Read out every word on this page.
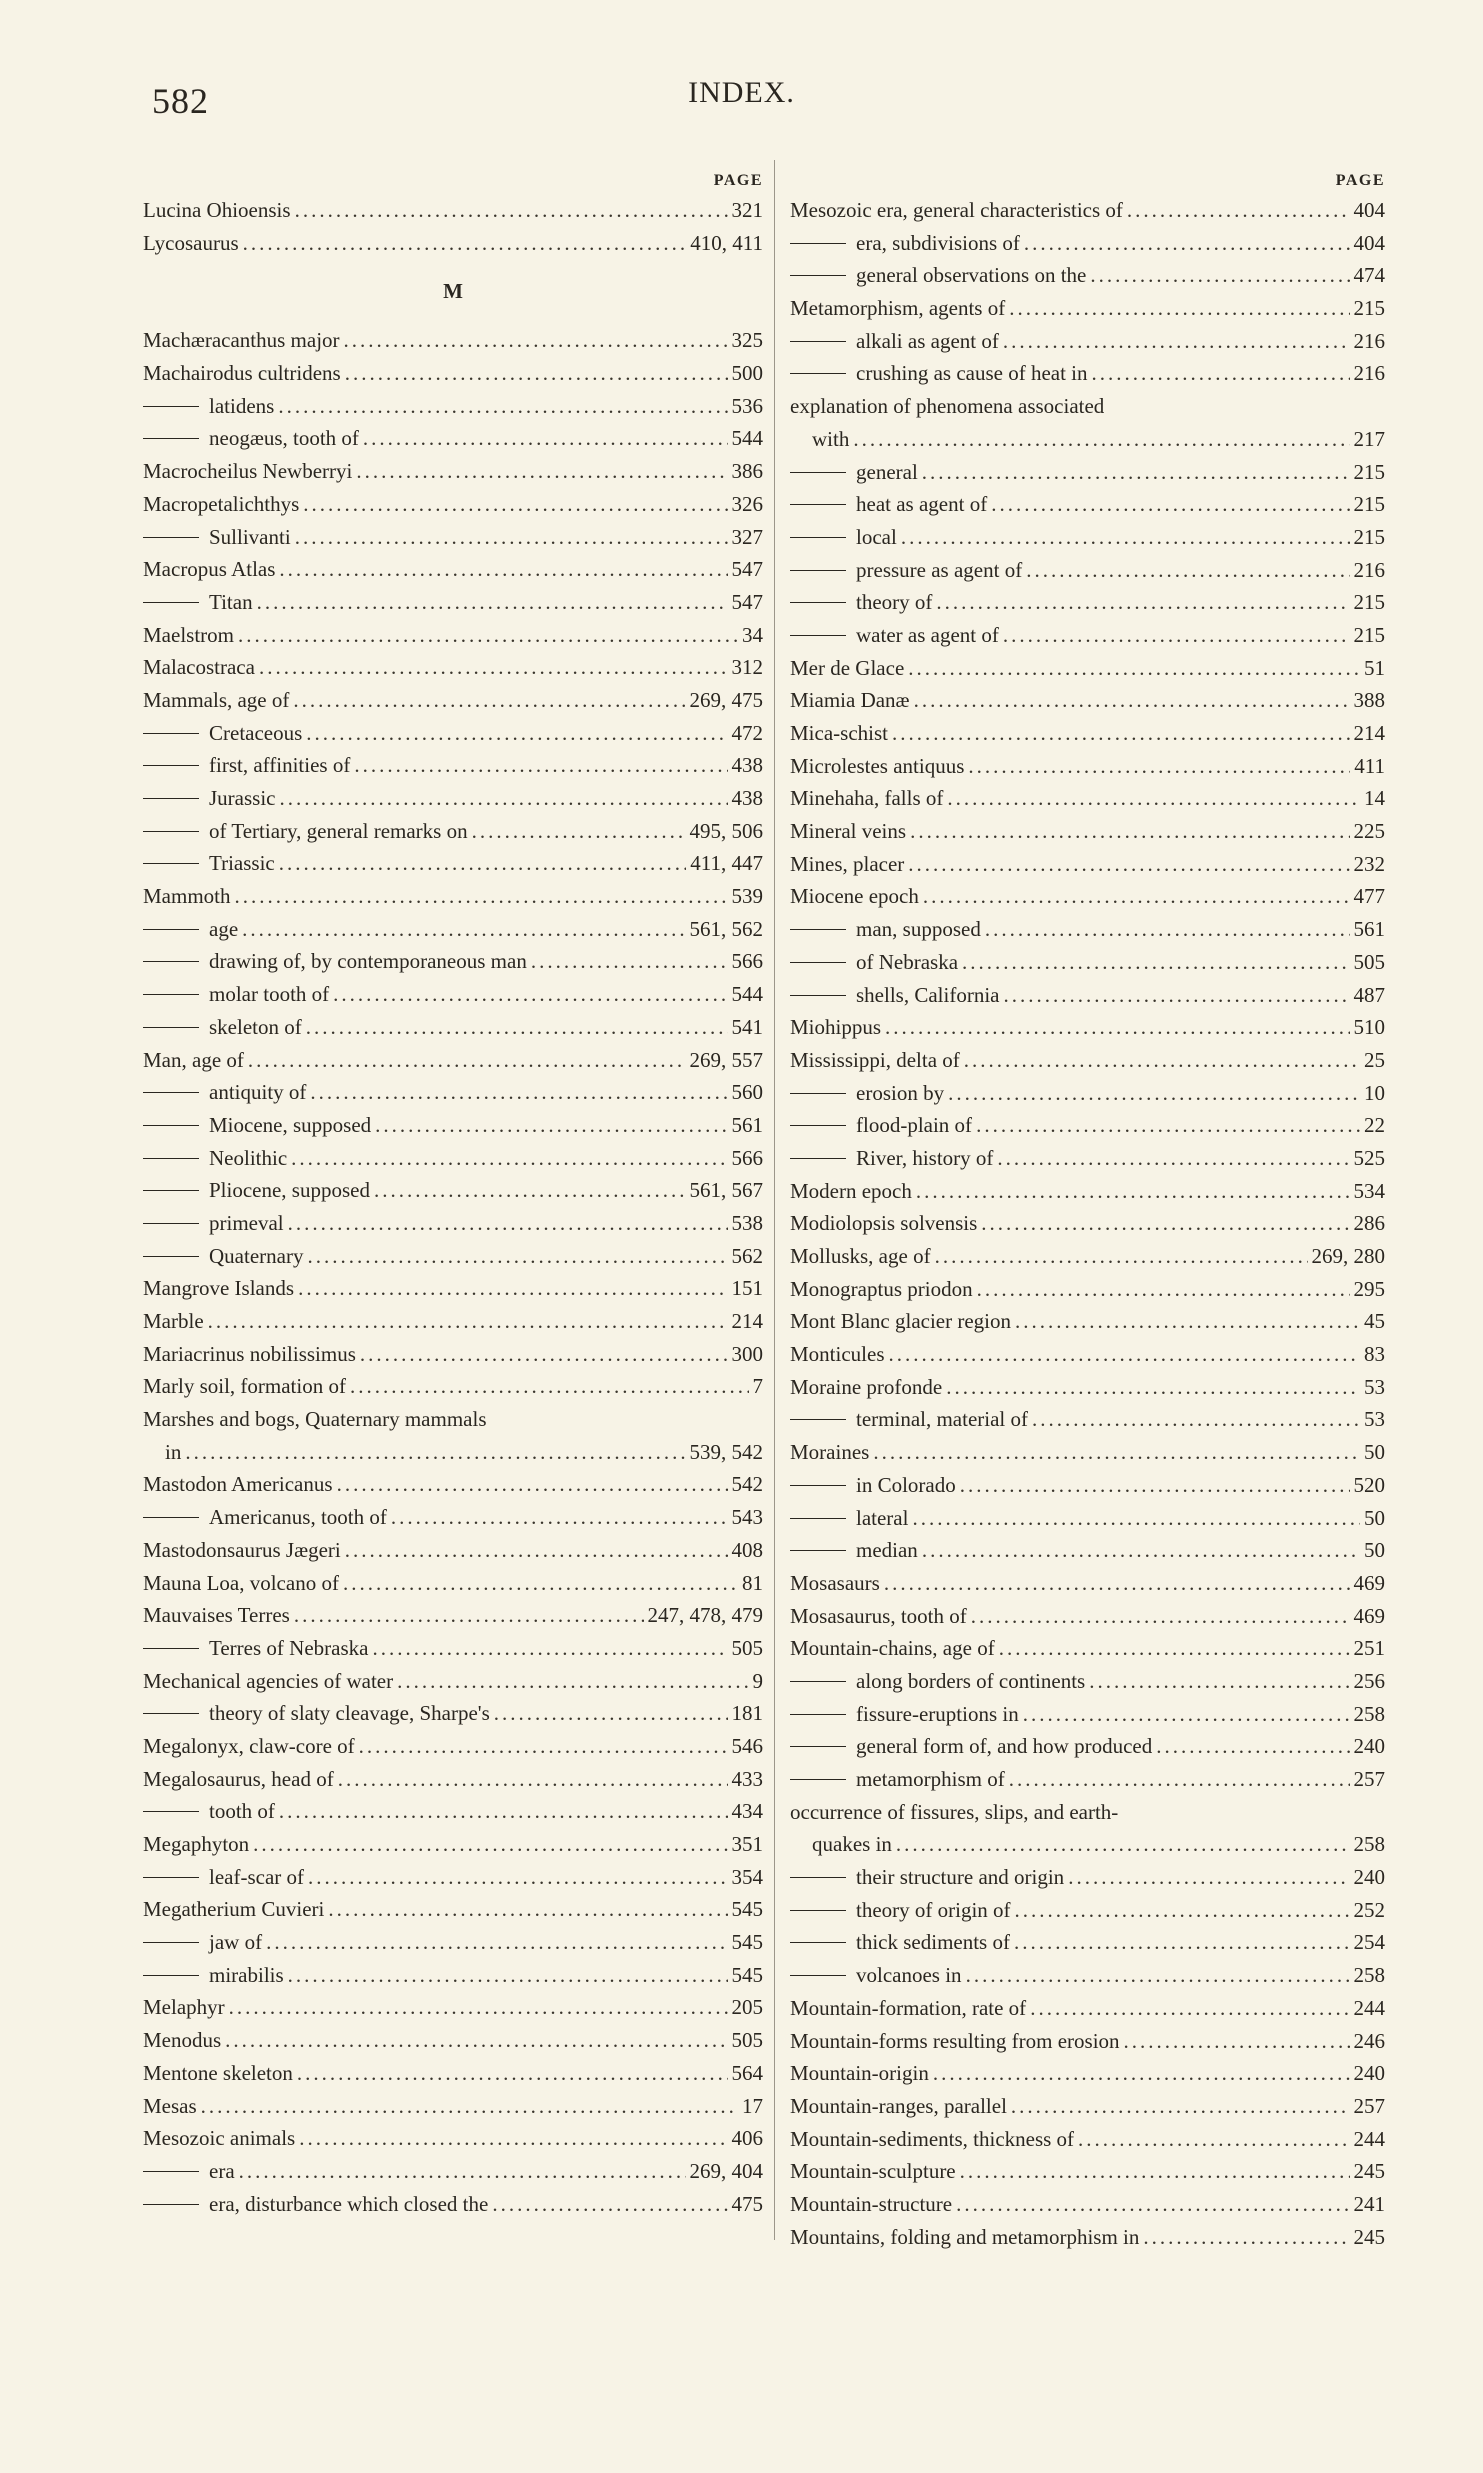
582	INDEX.
PAGE
Lucina Ohioensis .....	321
Lycosaurus .....	410, 411
M
Machæracanthus major .....	325
Machairodus cultridens .....	500
latidens .....	536
neogæus, tooth of .....	544
Macrocheilus Newberryi .....	386
Macropetalichthys .....	326
Sullivanti .....	327
Macropus Atlas .....	547
Titan .....	547
Maelstrom .....	34
Malacostraca .....	312
Mammals, age of .....	269, 475
Cretaceous .....	472
first, affinities of .....	438
Jurassic .....	438
of Tertiary, general remarks on .....	495, 506
Triassic .....	411, 447
Mammoth .....	539
age .....	561, 562
drawing of, by contemporaneous man .....	566
molar tooth of .....	544
skeleton of .....	541
Man, age of .....	269, 557
antiquity of .....	560
Miocene, supposed .....	561
Neolithic .....	566
Pliocene, supposed .....	561, 567
primeval .....	538
Quaternary .....	562
Mangrove Islands .....	151
Marble .....	214
Mariacrinus nobilissimus .....	300
Marly soil, formation of .....	7
Marshes and bogs, Quaternary mammals
in .....	539, 542
Mastodon Americanus .....	542
Americanus, tooth of .....	543
Mastodonsaurus Jægeri .....	408
Mauna Loa, volcano of .....	81
Mauvaises Terres .....	247, 478, 479
Terres of Nebraska .....	505
Mechanical agencies of water .....	9
theory of slaty cleavage, Sharpe's .....	181
Megalonyx, claw-core of .....	546
Megalosaurus, head of .....	433
tooth of .....	434
Megaphyton .....	351
leaf-scar of .....	354
Megatherium Cuvieri .....	545
jaw of .....	545
mirabilis .....	545
Melaphyr .....	205
Menodus .....	505
Mentone skeleton .....	564
Mesas .....	17
Mesozoic animals .....	406
era .....	269, 404
era, disturbance which closed the .....	475
PAGE
Mesozoic era, general characteristics of .....	404
era, subdivisions of .....	404
general observations on the .....	474
Metamorphism, agents of .....	215
alkali as agent of .....	216
crushing as cause of heat in .....	216
explanation of phenomena associated
with .....	217
general .....	215
heat as agent of .....	215
local .....	215
pressure as agent of .....	216
theory of .....	215
water as agent of .....	215
Mer de Glace .....	51
Miamia Danæ .....	388
Mica-schist .....	214
Microlestes antiquus .....	411
Minehaha, falls of .....	14
Mineral veins .....	225
Mines, placer .....	232
Miocene epoch .....	477
man, supposed .....	561
of Nebraska .....	505
shells, California .....	487
Miohippus .....	510
Mississippi, delta of .....	25
erosion by .....	10
flood-plain of .....	22
River, history of .....	525
Modern epoch .....	534
Modiolopsis solvensis .....	286
Mollusks, age of .....	269, 280
Monograptus priodon .....	295
Mont Blanc glacier region .....	45
Monticules .....	83
Moraine profonde .....	53
terminal, material of .....	53
Moraines .....	50
in Colorado .....	520
lateral .....	50
median .....	50
Mosasaurs .....	469
Mosasaurus, tooth of .....	469
Mountain-chains, age of .....	251
along borders of continents .....	256
fissure-eruptions in .....	258
general form of, and how produced .....	240
metamorphism of .....	257
occurrence of fissures, slips, and earth-
quakes in .....	258
their structure and origin .....	240
theory of origin of .....	252
thick sediments of .....	254
volcanoes in .....	258
Mountain-formation, rate of .....	244
Mountain-forms resulting from erosion .....	246
Mountain-origin .....	240
Mountain-ranges, parallel .....	257
Mountain-sediments, thickness of .....	244
Mountain-sculpture .....	245
Mountain-structure .....	241
Mountains, folding and metamorphism in .....	245
